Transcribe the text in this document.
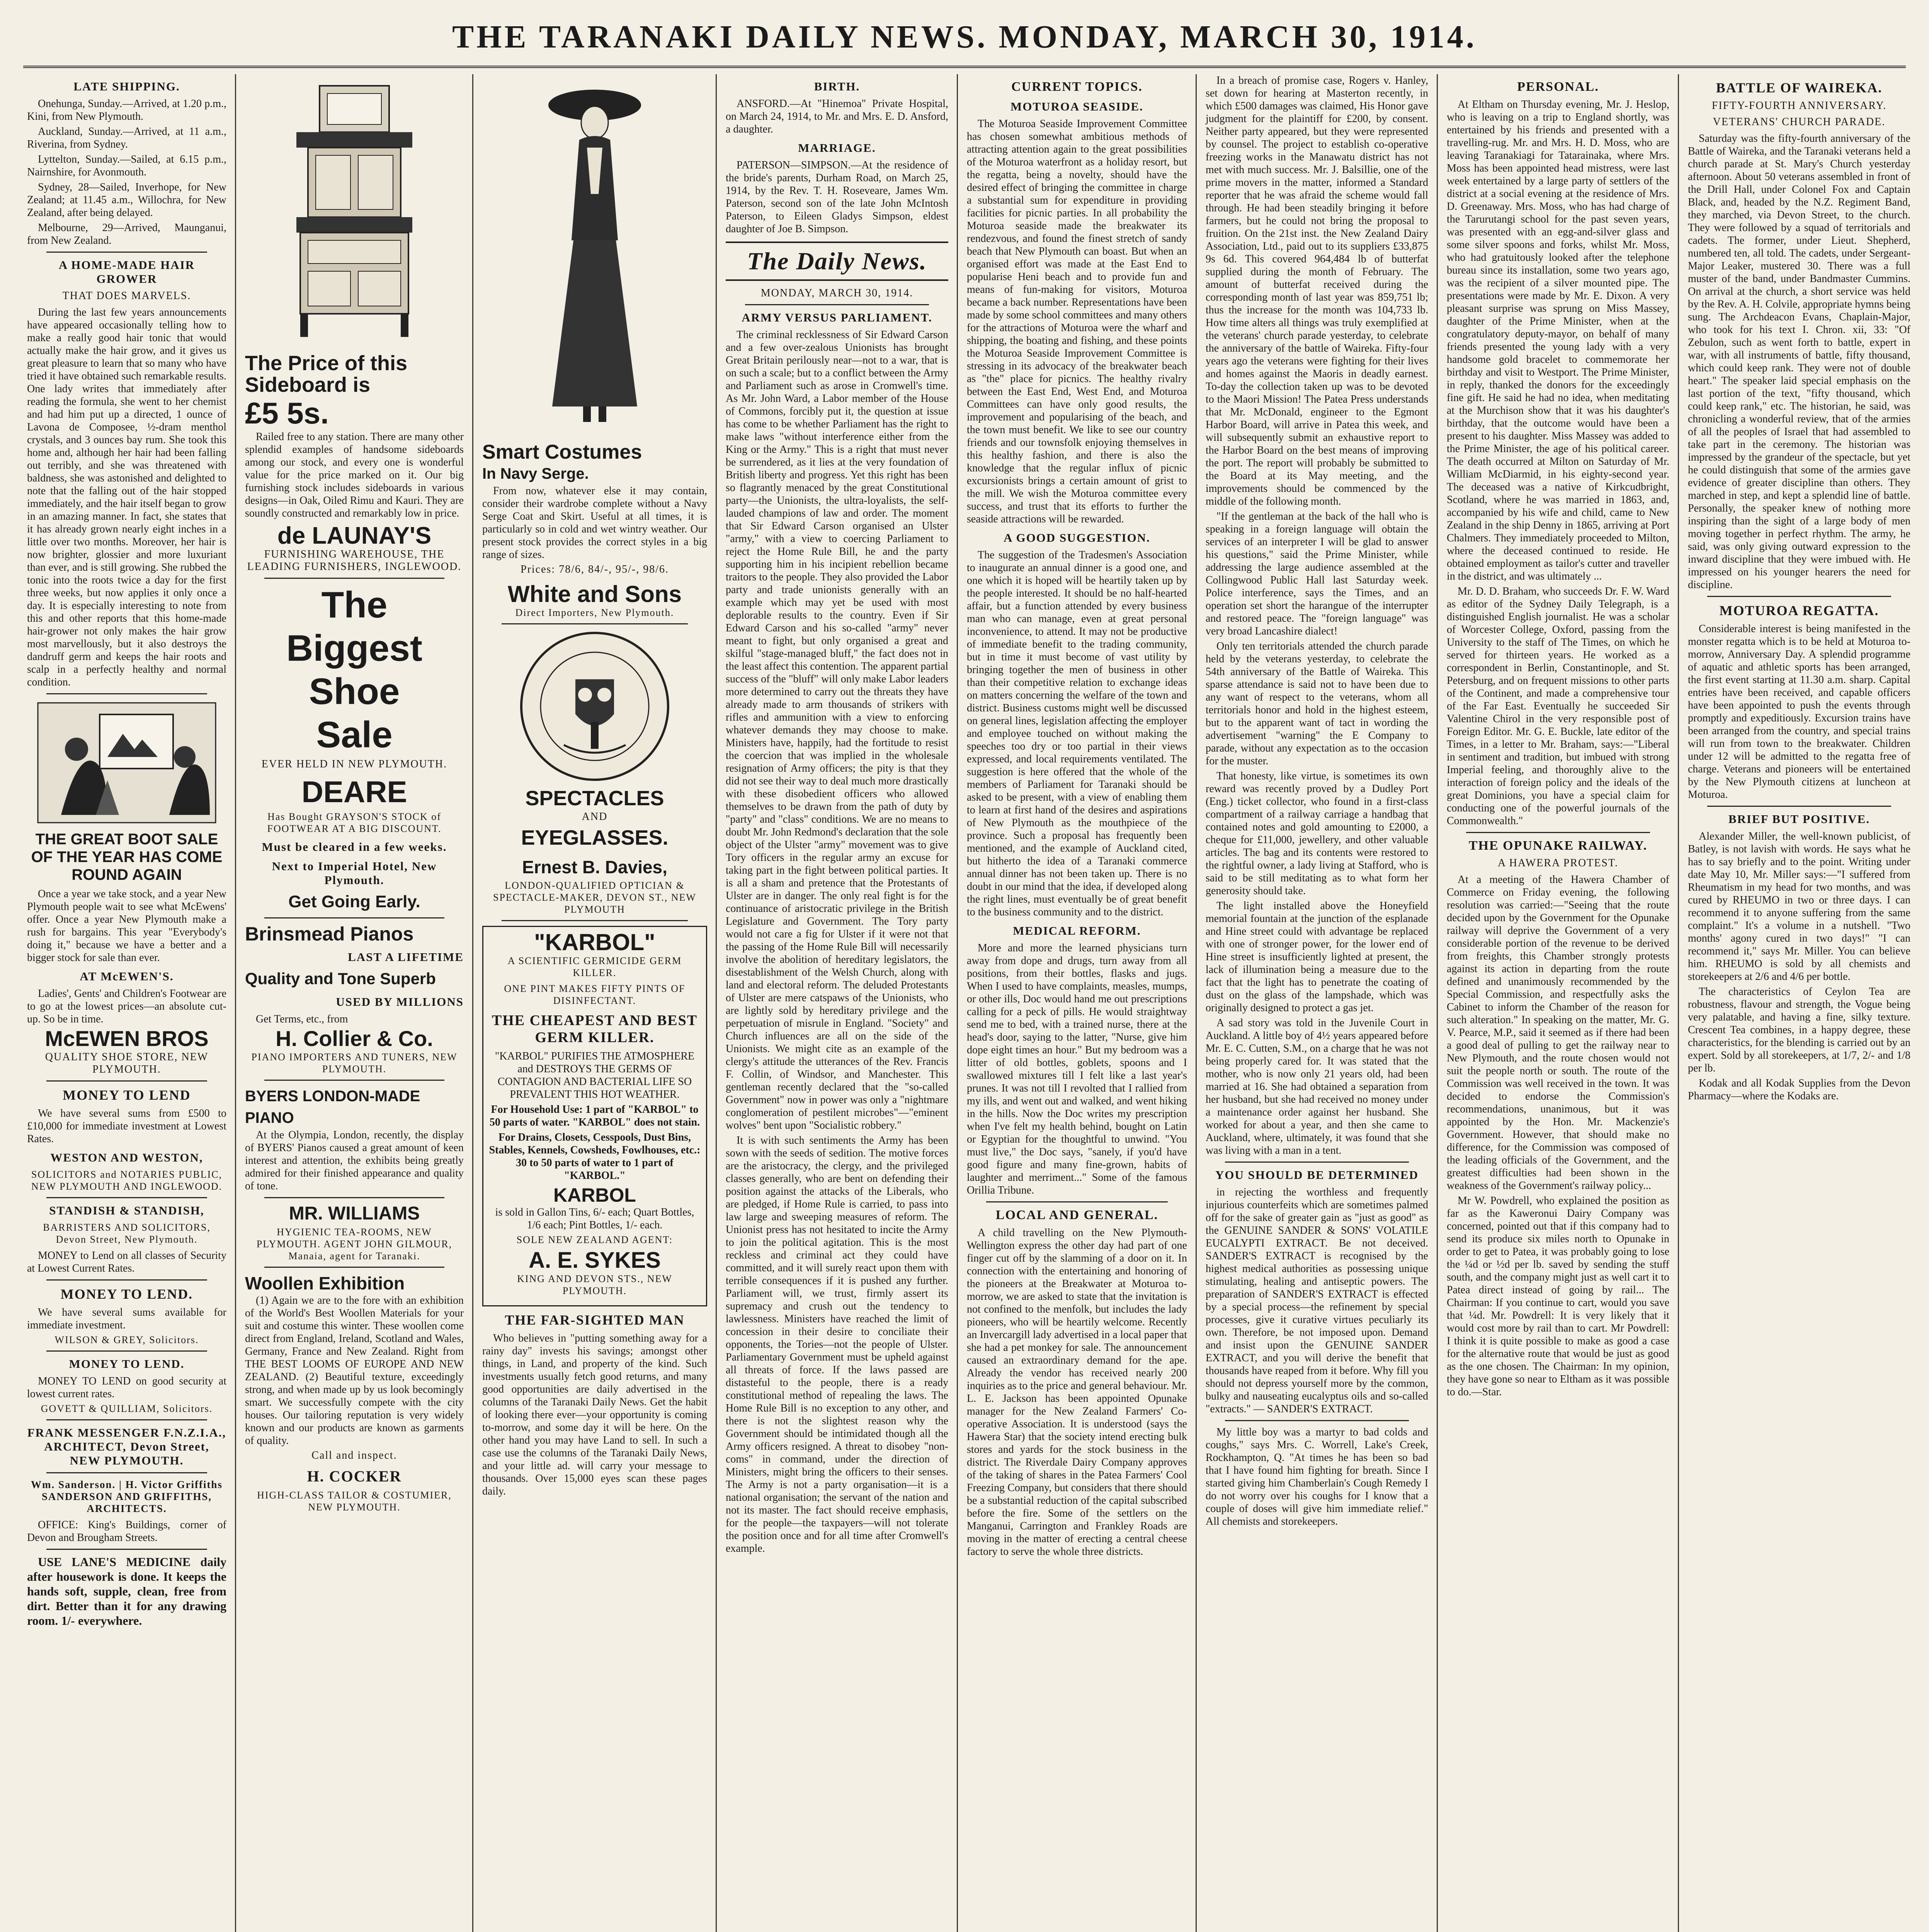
THE TARANAKI DAILY NEWS. MONDAY, MARCH 30, 1914.
LATE SHIPPING.
Onehunga, Sunday.—Arrived, at 1.20 p.m., Kini, from New Plymouth.
Auckland, Sunday.—Arrived, at 11 a.m., Riverina, from Sydney.
Lyttelton, Sunday.—Sailed, at 6.15 p.m., Nairnshire, for Avonmouth.
Sydney, 28—Sailed, Inverhope, for New Zealand; at 11.45 a.m., Willochra, for New Zealand, after being delayed.
Melbourne, 29—Arrived, Maunganui, from New Zealand.
A HOME-MADE HAIR GROWER
THAT DOES MARVELS.
During the last few years announcements have appeared occasionally telling how to make a really good hair tonic that would actually make the hair grow, and it gives us great pleasure to learn that so many who have tried it have obtained such remarkable results. One lady writes that immediately after reading the formula, she went to her chemist and had him put up a directed, 1 ounce of Lavona de Composee, ½-dram menthol crystals, and 3 ounces bay rum. She took this home and, although her hair had been falling out terribly, and she was threatened with baldness, she was astonished and delighted to note that the falling out of the hair stopped immediately, and the hair itself began to grow in an amazing manner. In fact, she states that it has already grown nearly eight inches in a little over two months. Moreover, her hair is now brighter, glossier and more luxuriant than ever, and is still growing. She rubbed the tonic into the roots twice a day for the first three weeks, but now applies it only once a day. It is especially interesting to note from this and other reports that this home-made hair-grower not only makes the hair grow most marvellously, but it also destroys the dandruff germ and keeps the hair roots and scalp in a perfectly healthy and normal condition.
THE GREAT BOOT SALE OF THE YEAR HAS COME ROUND AGAIN
Once a year we take stock, and a year New Plymouth people wait to see what McEwens' offer. Once a year New Plymouth make a rush for bargains. This year "Everybody's doing it," because we have a better and a bigger stock for sale than ever.
AT McEWEN'S.
Ladies', Gents' and Children's Footwear are to go at the lowest prices—an absolute cut-up. So be in time.
McEWEN BROS
QUALITY SHOE STORE, NEW PLYMOUTH.
MONEY TO LEND
We have several sums from £500 to £10,000 for immediate investment at Lowest Rates.
WESTON AND WESTON,
SOLICITORS and NOTARIES PUBLIC, NEW PLYMOUTH AND INGLEWOOD.
STANDISH & STANDISH,
BARRISTERS AND SOLICITORS, Devon Street, New Plymouth.
MONEY to Lend on all classes of Security at Lowest Current Rates.
MONEY TO LEND.
We have several sums available for immediate investment.
WILSON & GREY, Solicitors.
MONEY TO LEND.
MONEY TO LEND on good security at lowest current rates.
GOVETT & QUILLIAM, Solicitors.
FRANK MESSENGER F.N.Z.I.A., ARCHITECT, Devon Street, NEW PLYMOUTH.
Wm. Sanderson. | H. Victor Griffiths SANDERSON AND GRIFFITHS, ARCHITECTS.
OFFICE: King's Buildings, corner of Devon and Brougham Streets.
USE LANE'S MEDICINE daily after housework is done. It keeps the hands soft, supple, clean, free from dirt. Better than it for any drawing room. 1/- everywhere.
The Price of this Sideboard is
£5 5s.
Railed free to any station. There are many other splendid examples of handsome sideboards among our stock, and every one is wonderful value for the price marked on it. Our big furnishing stock includes sideboards in various designs—in Oak, Oiled Rimu and Kauri. They are soundly constructed and remarkably low in price.
de LAUNAY'S
FURNISHING WAREHOUSE, THE LEADING FURNISHERS, INGLEWOOD.
The
Biggest
Shoe
Sale
EVER HELD IN NEW PLYMOUTH.
DEARE
Has Bought GRAYSON'S STOCK of FOOTWEAR AT A BIG DISCOUNT.
Must be cleared in a few weeks.
Next to Imperial Hotel, New Plymouth.
Get Going Early.
Brinsmead Pianos
LAST A LIFETIME
Quality and Tone Superb
USED BY MILLIONS
Get Terms, etc., from
H. Collier & Co.
PIANO IMPORTERS AND TUNERS, NEW PLYMOUTH.
BYERS LONDON-MADE PIANO
At the Olympia, London, recently, the display of BYERS' Pianos caused a great amount of keen interest and attention, the exhibits being greatly admired for their finished appearance and quality of tone.
MR. WILLIAMS
HYGIENIC TEA-ROOMS, NEW PLYMOUTH. AGENT JOHN GILMOUR, Manaia, agent for Taranaki.
Woollen Exhibition
(1) Again we are to the fore with an exhibition of the World's Best Woollen Materials for your suit and costume this winter. These woollen come direct from England, Ireland, Scotland and Wales, Germany, France and New Zealand. Right from THE BEST LOOMS OF EUROPE AND NEW ZEALAND. (2) Beautiful texture, exceedingly strong, and when made up by us look becomingly smart. We successfully compete with the city houses. Our tailoring reputation is very widely known and our products are known as garments of quality.
Call and inspect.
H. COCKER
HIGH-CLASS TAILOR & COSTUMIER, NEW PLYMOUTH.
Smart Costumes
In Navy Serge.
From now, whatever else it may contain, consider their wardrobe complete without a Navy Serge Coat and Skirt. Useful at all times, it is particularly so in cold and wet wintry weather. Our present stock provides the correct styles in a big range of sizes.
Prices: 78/6, 84/-, 95/-, 98/6.
White and Sons
Direct Importers, New Plymouth.
SPECTACLES
AND
EYEGLASSES.
Ernest B. Davies,
LONDON-QUALIFIED OPTICIAN & SPECTACLE-MAKER, DEVON ST., NEW PLYMOUTH
"KARBOL"
A SCIENTIFIC GERMICIDE GERM KILLER.
ONE PINT MAKES FIFTY PINTS OF DISINFECTANT.
THE CHEAPEST AND BEST GERM KILLER.
"KARBOL" PURIFIES THE ATMOSPHERE and DESTROYS THE GERMS OF CONTAGION AND BACTERIAL LIFE SO PREVALENT THIS HOT WEATHER.
For Household Use: 1 part of "KARBOL" to 50 parts of water. "KARBOL" does not stain.
For Drains, Closets, Cesspools, Dust Bins, Stables, Kennels, Cowsheds, Fowlhouses, etc.: 30 to 50 parts of water to 1 part of "KARBOL."
KARBOL
is sold in Gallon Tins, 6/- each; Quart Bottles, 1/6 each; Pint Bottles, 1/- each.
SOLE NEW ZEALAND AGENT:
A. E. SYKES
KING AND DEVON STS., NEW PLYMOUTH.
THE FAR-SIGHTED MAN
Who believes in "putting something away for a rainy day" invests his savings; amongst other things, in Land, and property of the kind. Such investments usually fetch good returns, and many good opportunities are daily advertised in the columns of the Taranaki Daily News. Get the habit of looking there ever—your opportunity is coming to-morrow, and some day it will be here. On the other hand you may have Land to sell. In such a case use the columns of the Taranaki Daily News, and your little ad. will carry your message to thousands. Over 15,000 eyes scan these pages daily.
BIRTH.
ANSFORD.—At "Hinemoa" Private Hospital, on March 24, 1914, to Mr. and Mrs. E. D. Ansford, a daughter.
MARRIAGE.
PATERSON—SIMPSON.—At the residence of the bride's parents, Durham Road, on March 25, 1914, by the Rev. T. H. Roseveare, James Wm. Paterson, second son of the late John McIntosh Paterson, to Eileen Gladys Simpson, eldest daughter of Joe B. Simpson.
The Daily News.
MONDAY, MARCH 30, 1914.
ARMY VERSUS PARLIAMENT.
The criminal recklessness of Sir Edward Carson and a few over-zealous Unionists has brought Great Britain perilously near—not to a war, that is on such a scale; but to a conflict between the Army and Parliament such as arose in Cromwell's time. As Mr. John Ward, a Labor member of the House of Commons, forcibly put it, the question at issue has come to be whether Parliament has the right to make laws "without interference either from the King or the Army." This is a right that must never be surrendered, as it lies at the very foundation of British liberty and progress. Yet this right has been so flagrantly menaced by the great Constitutional party—the Unionists, the ultra-loyalists, the self-lauded champions of law and order. The moment that Sir Edward Carson organised an Ulster "army," with a view to coercing Parliament to reject the Home Rule Bill, he and the party supporting him in his incipient rebellion became traitors to the people. They also provided the Labor party and trade unionists generally with an example which may yet be used with most deplorable results to the country. Even if Sir Edward Carson and his so-called "army" never meant to fight, but only organised a great and skilful "stage-managed bluff," the fact does not in the least affect this contention. The apparent partial success of the "bluff" will only make Labor leaders more determined to carry out the threats they have already made to arm thousands of strikers with rifles and ammunition with a view to enforcing whatever demands they may choose to make. Ministers have, happily, had the fortitude to resist the coercion that was implied in the wholesale resignation of Army officers; the pity is that they did not see their way to deal much more drastically with these disobedient officers who allowed themselves to be drawn from the path of duty by "party" and "class" conditions. We are no means to doubt Mr. John Redmond's declaration that the sole object of the Ulster "army" movement was to give Tory officers in the regular army an excuse for taking part in the fight between political parties. It is all a sham and pretence that the Protestants of Ulster are in danger. The only real fight is for the continuance of aristocratic privilege in the British Legislature and Government. The Tory party would not care a fig for Ulster if it were not that the passing of the Home Rule Bill will necessarily involve the abolition of hereditary legislators, the disestablishment of the Welsh Church, along with land and electoral reform. The deluded Protestants of Ulster are mere catspaws of the Unionists, who are lightly sold by hereditary privilege and the perpetuation of misrule in England. "Society" and Church influences are all on the side of the Unionists. We might cite as an example of the clergy's attitude the utterances of the Rev. Francis F. Collin, of Windsor, and Manchester. This gentleman recently declared that the "so-called Government" now in power was only a "nightmare conglomeration of pestilent microbes"—"eminent wolves" bent upon "Socialistic robbery."
It is with such sentiments the Army has been sown with the seeds of sedition. The motive forces are the aristocracy, the clergy, and the privileged classes generally, who are bent on defending their position against the attacks of the Liberals, who are pledged, if Home Rule is carried, to pass into law large and sweeping measures of reform. The Unionist press has not hesitated to incite the Army to join the political agitation. This is the most reckless and criminal act they could have committed, and it will surely react upon them with terrible consequences if it is pushed any further. Parliament will, we trust, firmly assert its supremacy and crush out the tendency to lawlessness. Ministers have reached the limit of concession in their desire to conciliate their opponents, the Tories—not the people of Ulster. Parliamentary Government must be upheld against all threats of force. If the laws passed are distasteful to the people, there is a ready constitutional method of repealing the laws. The Home Rule Bill is no exception to any other, and there is not the slightest reason why the Government should be intimidated though all the Army officers resigned. A threat to disobey "non-coms" in command, under the direction of Ministers, might bring the officers to their senses. The Army is not a party organisation—it is a national organisation; the servant of the nation and not its master. The fact should receive emphasis, for the people—the taxpayers—will not tolerate the position once and for all time after Cromwell's example.
CURRENT TOPICS.
MOTUROA SEASIDE.
The Moturoa Seaside Improvement Committee has chosen somewhat ambitious methods of attracting attention again to the great possibilities of the Moturoa waterfront as a holiday resort, but the regatta, being a novelty, should have the desired effect of bringing the committee in charge a substantial sum for expenditure in providing facilities for picnic parties. In all probability the Moturoa seaside made the breakwater its rendezvous, and found the finest stretch of sandy beach that New Plymouth can boast. But when an organised effort was made at the East End to popularise Heni beach and to provide fun and means of fun-making for visitors, Moturoa became a back number. Representations have been made by some school committees and many others for the attractions of Moturoa were the wharf and shipping, the boating and fishing, and these points the Moturoa Seaside Improvement Committee is stressing in its advocacy of the breakwater beach as "the" place for picnics. The healthy rivalry between the East End, West End, and Moturoa Committees can have only good results, the improvement and popularising of the beach, and the town must benefit. We like to see our country friends and our townsfolk enjoying themselves in this healthy fashion, and there is also the knowledge that the regular influx of picnic excursionists brings a certain amount of grist to the mill. We wish the Moturoa committee every success, and trust that its efforts to further the seaside attractions will be rewarded.
A GOOD SUGGESTION.
The suggestion of the Tradesmen's Association to inaugurate an annual dinner is a good one, and one which it is hoped will be heartily taken up by the people interested. It should be no half-hearted affair, but a function attended by every business man who can manage, even at great personal inconvenience, to attend. It may not be productive of immediate benefit to the trading community, but in time it must become of vast utility by bringing together the men of business in other than their competitive relation to exchange ideas on matters concerning the welfare of the town and district. Business customs might well be discussed on general lines, legislation affecting the employer and employee touched on without making the speeches too dry or too partial in their views expressed, and local requirements ventilated. The suggestion is here offered that the whole of the members of Parliament for Taranaki should be asked to be present, with a view of enabling them to learn at first hand of the desires and aspirations of New Plymouth as the mouthpiece of the province. Such a proposal has frequently been mentioned, and the example of Auckland cited, but hitherto the idea of a Taranaki commerce annual dinner has not been taken up. There is no doubt in our mind that the idea, if developed along the right lines, must eventually be of great benefit to the business community and to the district.
MEDICAL REFORM.
More and more the learned physicians turn away from dope and drugs, turn away from all positions, from their bottles, flasks and jugs. When I used to have complaints, measles, mumps, or other ills, Doc would hand me out prescriptions calling for a peck of pills. He would straightway send me to bed, with a trained nurse, there at the head's door, saying to the latter, "Nurse, give him dope eight times an hour." But my bedroom was a litter of old bottles, goblets, spoons and I swallowed mixtures till I felt like a last year's prunes. It was not till I revolted that I rallied from my ills, and went out and walked, and went hiking in the hills. Now the Doc writes my prescription when I've felt my health behind, bought on Latin or Egyptian for the thoughtful to unwind. "You must live," the Doc says, "sanely, if you'd have good figure and many fine-grown, habits of laughter and merriment..." Some of the famous Orillia Tribune.
LOCAL AND GENERAL.
A child travelling on the New Plymouth-Wellington express the other day had part of one finger cut off by the slamming of a door on it. In connection with the entertaining and honoring of the pioneers at the Breakwater at Moturoa to-morrow, we are asked to state that the invitation is not confined to the menfolk, but includes the lady pioneers, who will be heartily welcome. Recently an Invercargill lady advertised in a local paper that she had a pet monkey for sale. The announcement caused an extraordinary demand for the ape. Already the vendor has received nearly 200 inquiries as to the price and general behaviour. Mr. L. E. Jackson has been appointed Opunake manager for the New Zealand Farmers' Co-operative Association. It is understood (says the Hawera Star) that the society intend erecting bulk stores and yards for the stock business in the district. The Riverdale Dairy Company approves of the taking of shares in the Patea Farmers' Cool Freezing Company, but considers that there should be a substantial reduction of the capital subscribed before the fire. Some of the settlers on the Manganui, Carrington and Frankley Roads are moving in the matter of erecting a central cheese factory to serve the whole three districts.
In a breach of promise case, Rogers v. Hanley, set down for hearing at Masterton recently, in which £500 damages was claimed, His Honor gave judgment for the plaintiff for £200, by consent. Neither party appeared, but they were represented by counsel. The project to establish co-operative freezing works in the Manawatu district has not met with much success. Mr. J. Balsillie, one of the prime movers in the matter, informed a Standard reporter that he was afraid the scheme would fall through. He had been steadily bringing it before farmers, but he could not bring the proposal to fruition. On the 21st inst. the New Zealand Dairy Association, Ltd., paid out to its suppliers £33,875 9s 6d. This covered 964,484 lb of butterfat supplied during the month of February. The amount of butterfat received during the corresponding month of last year was 859,751 lb; thus the increase for the month was 104,733 lb. How time alters all things was truly exemplified at the veterans' church parade yesterday, to celebrate the anniversary of the battle of Waireka. Fifty-four years ago the veterans were fighting for their lives and homes against the Maoris in deadly earnest. To-day the collection taken up was to be devoted to the Maori Mission! The Patea Press understands that Mr. McDonald, engineer to the Egmont Harbor Board, will arrive in Patea this week, and will subsequently submit an exhaustive report to the Harbor Board on the best means of improving the port. The report will probably be submitted to the Board at its May meeting, and the improvements should be commenced by the middle of the following month.
"If the gentleman at the back of the hall who is speaking in a foreign language will obtain the services of an interpreter I will be glad to answer his questions," said the Prime Minister, while addressing the large audience assembled at the Collingwood Public Hall last Saturday week. Police interference, says the Times, and an operation set short the harangue of the interrupter and restored peace. The "foreign language" was very broad Lancashire dialect!
Only ten territorials attended the church parade held by the veterans yesterday, to celebrate the 54th anniversary of the Battle of Waireka. This sparse attendance is said not to have been due to any want of respect to the veterans, whom all territorials honor and hold in the highest esteem, but to the apparent want of tact in wording the advertisement "warning" the E Company to parade, without any expectation as to the occasion for the muster.
That honesty, like virtue, is sometimes its own reward was recently proved by a Dudley Port (Eng.) ticket collector, who found in a first-class compartment of a railway carriage a handbag that contained notes and gold amounting to £2000, a cheque for £11,000, jewellery, and other valuable articles. The bag and its contents were restored to the rightful owner, a lady living at Stafford, who is said to be still meditating as to what form her generosity should take.
The light installed above the Honeyfield memorial fountain at the junction of the esplanade and Hine street could with advantage be replaced with one of stronger power, for the lower end of Hine street is insufficiently lighted at present, the lack of illumination being a measure due to the fact that the light has to penetrate the coating of dust on the glass of the lampshade, which was originally designed to protect a gas jet.
A sad story was told in the Juvenile Court in Auckland. A little boy of 4½ years appeared before Mr. E. C. Cutten, S.M., on a charge that he was not being properly cared for. It was stated that the mother, who is now only 21 years old, had been married at 16. She had obtained a separation from her husband, but she had received no money under a maintenance order against her husband. She worked for about a year, and then she came to Auckland, where, ultimately, it was found that she was living with a man in a tent.
YOU SHOULD BE DETERMINED
in rejecting the worthless and frequently injurious counterfeits which are sometimes palmed off for the sake of greater gain as "just as good" as the GENUINE SANDER & SONS' VOLATILE EUCALYPTI EXTRACT. Be not deceived. SANDER'S EXTRACT is recognised by the highest medical authorities as possessing unique stimulating, healing and antiseptic powers. The preparation of SANDER'S EXTRACT is effected by a special process—the refinement by special processes, give it curative virtues peculiarly its own. Therefore, be not imposed upon. Demand and insist upon the GENUINE SANDER EXTRACT, and you will derive the benefit that thousands have reaped from it before. Why fill you should not depress yourself more by the common, bulky and nauseating eucalyptus oils and so-called "extracts." — SANDER'S EXTRACT.
My little boy was a martyr to bad colds and coughs," says Mrs. C. Worrell, Lake's Creek, Rockhampton, Q. "At times he has been so bad that I have found him fighting for breath. Since I started giving him Chamberlain's Cough Remedy I do not worry over his coughs for I know that a couple of doses will give him immediate relief." All chemists and storekeepers.
PERSONAL.
At Eltham on Thursday evening, Mr. J. Heslop, who is leaving on a trip to England shortly, was entertained by his friends and presented with a travelling-rug. Mr. and Mrs. H. D. Moss, who are leaving Taranakiagi for Tatarainaka, where Mrs. Moss has been appointed head mistress, were last week entertained by a large party of settlers of the district at a social evening at the residence of Mrs. D. Greenaway. Mrs. Moss, who has had charge of the Tarurutangi school for the past seven years, was presented with an egg-and-silver glass and some silver spoons and forks, whilst Mr. Moss, who had gratuitously looked after the telephone bureau since its installation, some two years ago, was the recipient of a silver mounted pipe. The presentations were made by Mr. E. Dixon. A very pleasant surprise was sprung on Miss Massey, daughter of the Prime Minister, when at the congratulatory deputy-mayor, on behalf of many friends presented the young lady with a very handsome gold bracelet to commemorate her birthday and visit to Westport. The Prime Minister, in reply, thanked the donors for the exceedingly fine gift. He said he had no idea, when meditating at the Murchison show that it was his daughter's birthday, that the outcome would have been a present to his daughter. Miss Massey was added to the Prime Minister, the age of his political career. The death occurred at Milton on Saturday of Mr. William McDiarmid, in his eighty-second year. The deceased was a native of Kirkcudbright, Scotland, where he was married in 1863, and, accompanied by his wife and child, came to New Zealand in the ship Denny in 1865, arriving at Port Chalmers. They immediately proceeded to Milton, where the deceased continued to reside. He obtained employment as tailor's cutter and traveller in the district, and was ultimately ...
Mr. D. D. Braham, who succeeds Dr. F. W. Ward as editor of the Sydney Daily Telegraph, is a distinguished English journalist. He was a scholar of Worcester College, Oxford, passing from the University to the staff of The Times, on which he served for thirteen years. He worked as a correspondent in Berlin, Constantinople, and St. Petersburg, and on frequent missions to other parts of the Continent, and made a comprehensive tour of the Far East. Eventually he succeeded Sir Valentine Chirol in the very responsible post of Foreign Editor. Mr. G. E. Buckle, late editor of the Times, in a letter to Mr. Braham, says:—"Liberal in sentiment and tradition, but imbued with strong Imperial feeling, and thoroughly alive to the interaction of foreign policy and the ideals of the great Dominions, you have a special claim for conducting one of the powerful journals of the Commonwealth."
THE OPUNAKE RAILWAY.
A HAWERA PROTEST.
At a meeting of the Hawera Chamber of Commerce on Friday evening, the following resolution was carried:—"Seeing that the route decided upon by the Government for the Opunake railway will deprive the Government of a very considerable portion of the revenue to be derived from freights, this Chamber strongly protests against its action in departing from the route defined and unanimously recommended by the Special Commission, and respectfully asks the Cabinet to inform the Chamber of the reason for such alteration." In speaking on the matter, Mr. G. V. Pearce, M.P., said it seemed as if there had been a good deal of pulling to get the railway near to New Plymouth, and the route chosen would not suit the people north or south. The route of the Commission was well received in the town. It was decided to endorse the Commission's recommendations, unanimous, but it was appointed by the Hon. Mr. Mackenzie's Government. However, that should make no difference, for the Commission was composed of the leading officials of the Government, and the greatest difficulties had been shown in the weakness of the Government's railway policy...
Mr W. Powdrell, who explained the position as far as the Kaweronui Dairy Company was concerned, pointed out that if this company had to send its produce six miles north to Opunake in order to get to Patea, it was probably going to lose the ¼d or ½d per lb. saved by sending the stuff south, and the company might just as well cart it to Patea direct instead of going by rail... The Chairman: If you continue to cart, would you save that ¼d. Mr. Powdrell: It is very likely that it would cost more by rail than to cart. Mr Powdrell: I think it is quite possible to make as good a case for the alternative route that would be just as good as the one chosen. The Chairman: In my opinion, they have gone so near to Eltham as it was possible to do.—Star.
BATTLE OF WAIREKA.
FIFTY-FOURTH ANNIVERSARY.
VETERANS' CHURCH PARADE.
Saturday was the fifty-fourth anniversary of the Battle of Waireka, and the Taranaki veterans held a church parade at St. Mary's Church yesterday afternoon. About 50 veterans assembled in front of the Drill Hall, under Colonel Fox and Captain Black, and, headed by the N.Z. Regiment Band, they marched, via Devon Street, to the church. They were followed by a squad of territorials and cadets. The former, under Lieut. Shepherd, numbered ten, all told. The cadets, under Sergeant-Major Leaker, mustered 30. There was a full muster of the band, under Bandmaster Cummins. On arrival at the church, a short service was held by the Rev. A. H. Colvile, appropriate hymns being sung. The Archdeacon Evans, Chaplain-Major, who took for his text I. Chron. xii, 33: "Of Zebulon, such as went forth to battle, expert in war, with all instruments of battle, fifty thousand, which could keep rank. They were not of double heart." The speaker laid special emphasis on the last portion of the text, "fifty thousand, which could keep rank," etc. The historian, he said, was chronicling a wonderful review, that of the armies of all the peoples of Israel that had assembled to take part in the ceremony. The historian was impressed by the grandeur of the spectacle, but yet he could distinguish that some of the armies gave evidence of greater discipline than others. They marched in step, and kept a splendid line of battle. Personally, the speaker knew of nothing more inspiring than the sight of a large body of men moving together in perfect rhythm. The army, he said, was only giving outward expression to the inward discipline that they were imbued with. He impressed on his younger hearers the need for discipline.
MOTUROA REGATTA.
Considerable interest is being manifested in the monster regatta which is to be held at Moturoa to-morrow, Anniversary Day. A splendid programme of aquatic and athletic sports has been arranged, the first event starting at 11.30 a.m. sharp. Capital entries have been received, and capable officers have been appointed to push the events through promptly and expeditiously. Excursion trains have been arranged from the country, and special trains will run from town to the breakwater. Children under 12 will be admitted to the regatta free of charge. Veterans and pioneers will be entertained by the New Plymouth citizens at luncheon at Moturoa.
BRIEF BUT POSITIVE.
Alexander Miller, the well-known publicist, of Batley, is not lavish with words. He says what he has to say briefly and to the point. Writing under date May 10, Mr. Miller says:—"I suffered from Rheumatism in my head for two months, and was cured by RHEUMO in two or three days. I can recommend it to anyone suffering from the same complaint." It's a volume in a nutshell. "Two months' agony cured in two days!" "I can recommend it," says Mr. Miller. You can believe him. RHEUMO is sold by all chemists and storekeepers at 2/6 and 4/6 per bottle.
The characteristics of Ceylon Tea are robustness, flavour and strength, the Vogue being very palatable, and having a fine, silky texture. Crescent Tea combines, in a happy degree, these characteristics, for the blending is carried out by an expert. Sold by all storekeepers, at 1/7, 2/- and 1/8 per lb.
Kodak and all Kodak Supplies from the Devon Pharmacy—where the Kodaks are.
